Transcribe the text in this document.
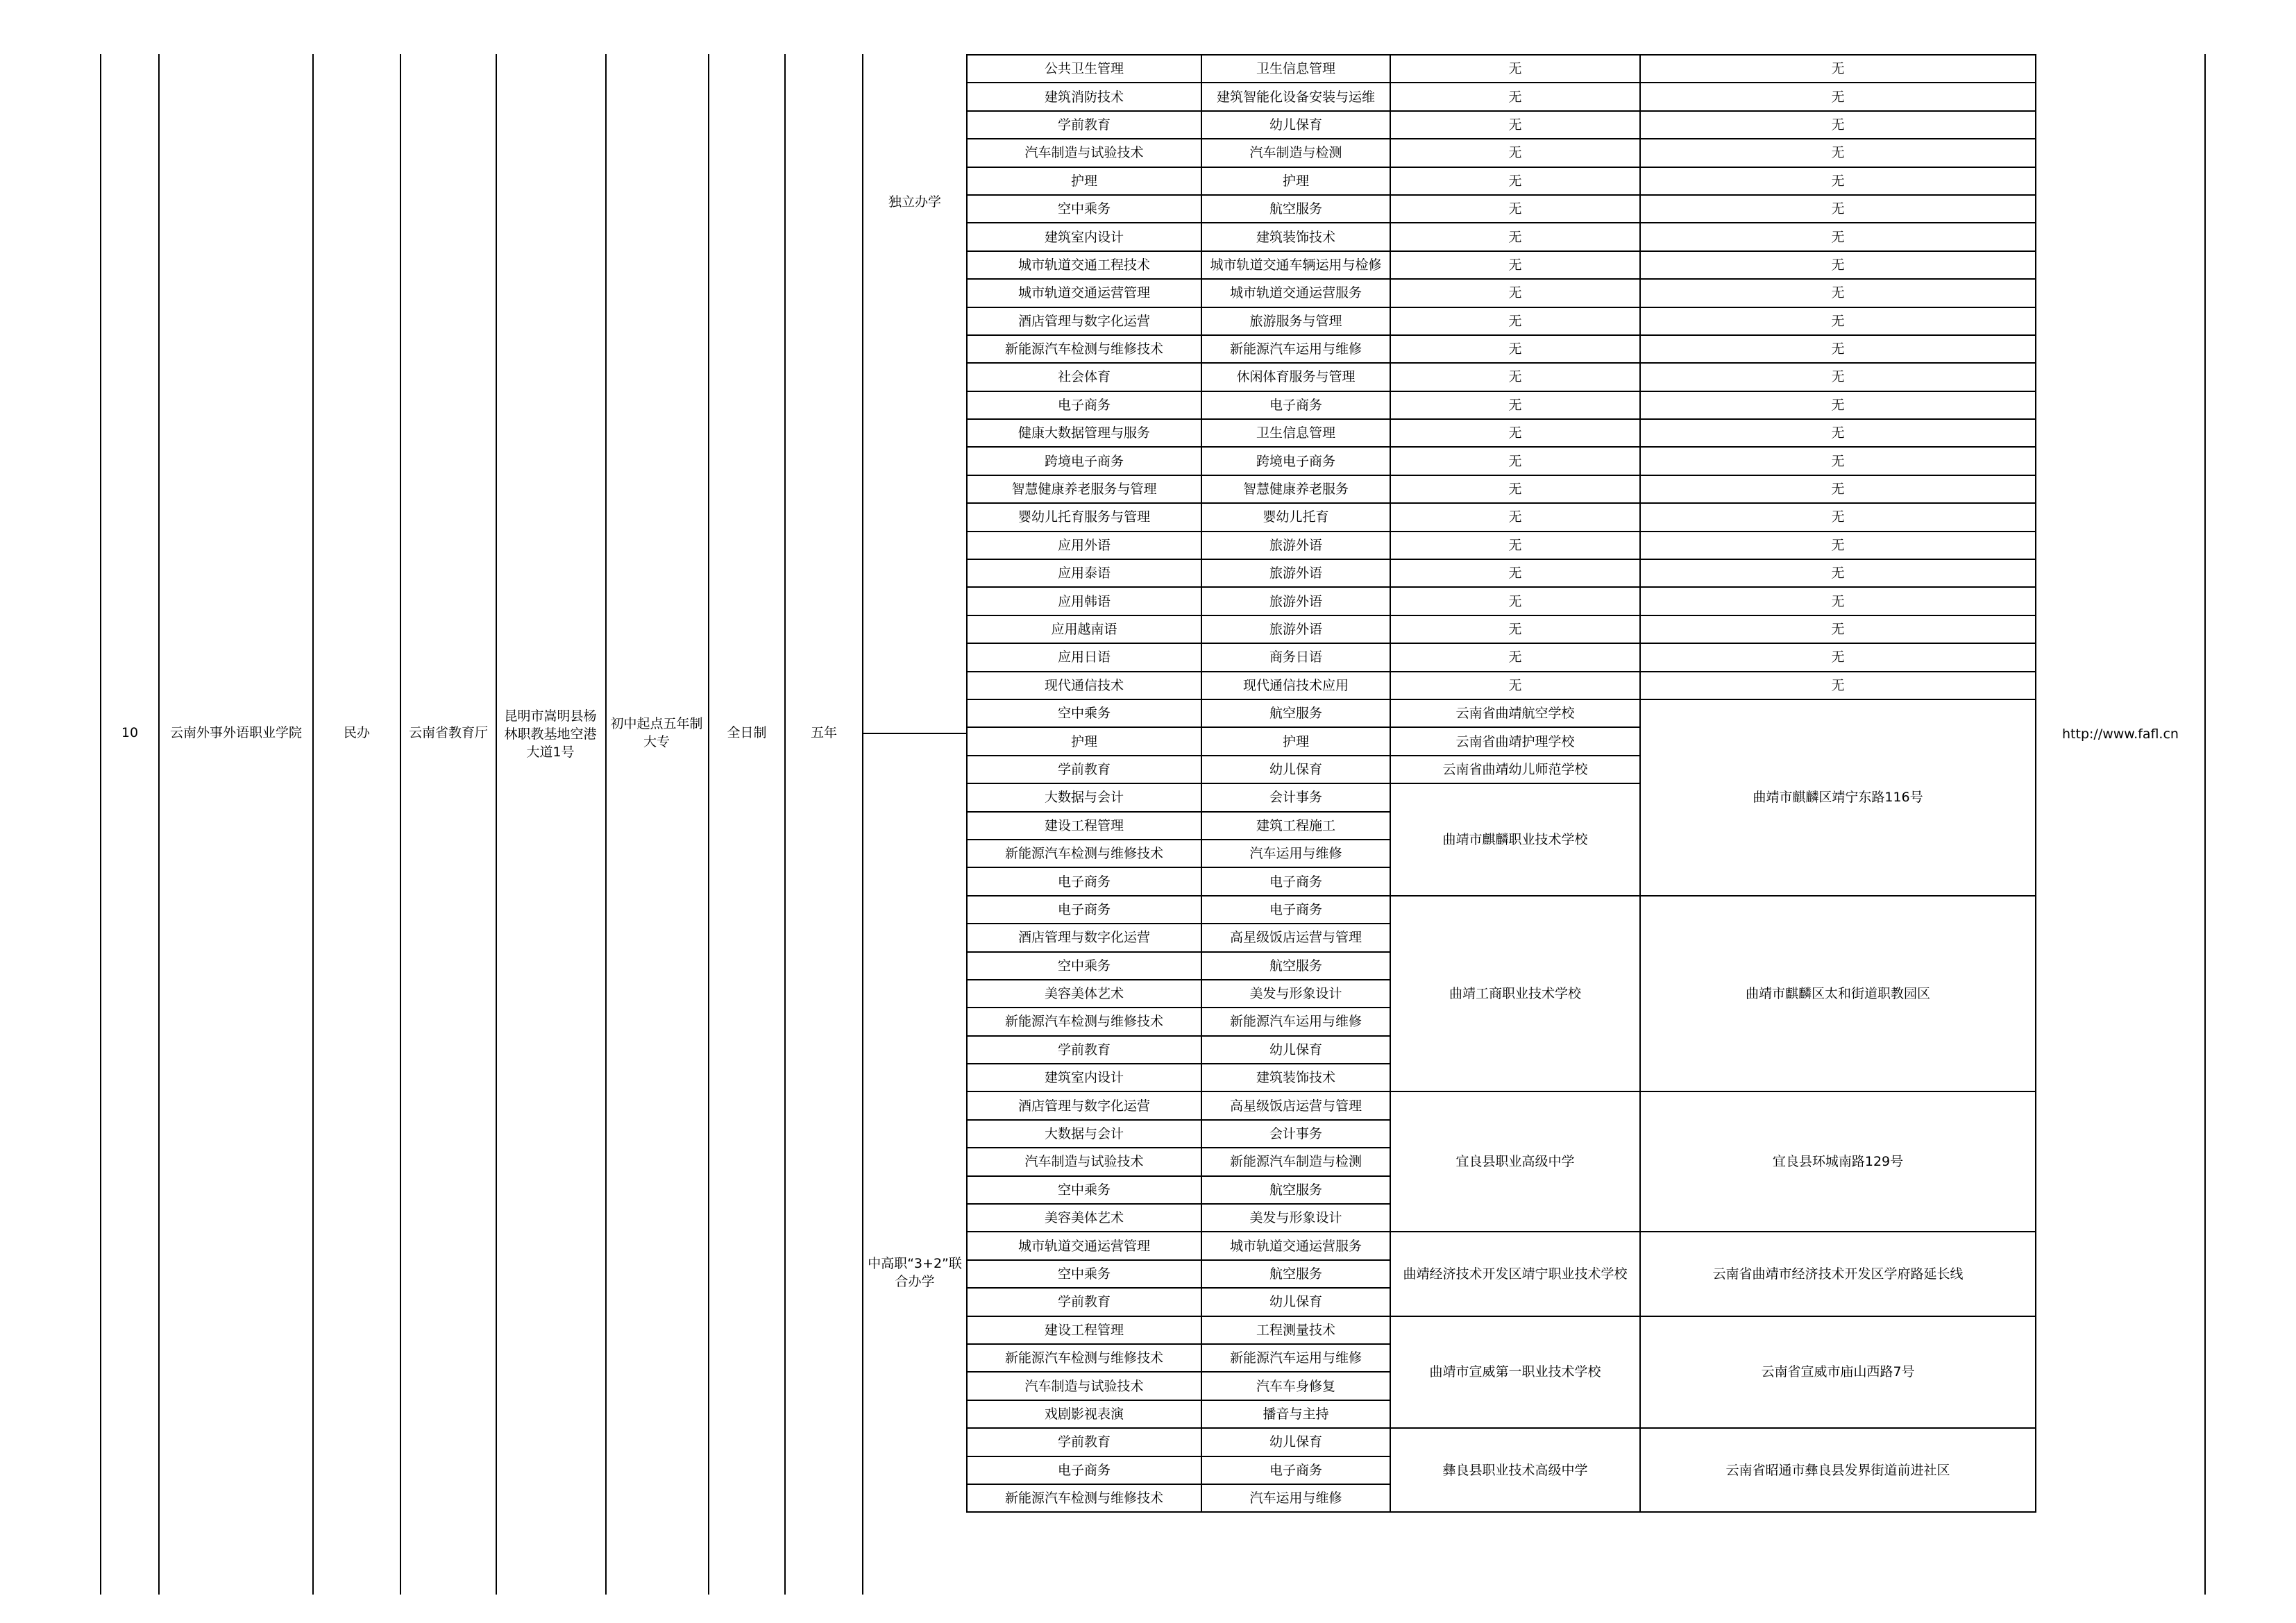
10	云南外事外语职业学院	民办	云南省教育厅
昆明市嵩明县杨林职教基地空港大道1号
初中起点五年制大专
全日制	五年	http://www.fafl.cn
独立办学
中高职“3+2”联合办学
公共卫生管理	卫生信息管理	无	无
建筑消防技术	建筑智能化设备安装与运维	无	无
学前教育	幼儿保育	无	无
汽车制造与试验技术	汽车制造与检测	无	无
护理	护理	无	无
空中乘务	航空服务	无	无
建筑室内设计	建筑装饰技术	无	无
城市轨道交通工程技术	城市轨道交通车辆运用与检修	无	无
城市轨道交通运营管理	城市轨道交通运营服务	无	无
酒店管理与数字化运营	旅游服务与管理	无	无
新能源汽车检测与维修技术	新能源汽车运用与维修	无	无
社会体育	休闲体育服务与管理	无	无
电子商务	电子商务	无	无
健康大数据管理与服务	卫生信息管理	无	无
跨境电子商务	跨境电子商务	无	无
智慧健康养老服务与管理	智慧健康养老服务	无	无
婴幼儿托育服务与管理	婴幼儿托育	无	无
应用外语	旅游外语	无	无
应用泰语	旅游外语	无	无
应用韩语	旅游外语	无	无
应用越南语	旅游外语	无	无
应用日语	商务日语	无	无
现代通信技术	现代通信技术应用	无	无
空中乘务	航空服务	云南省曲靖航空学校	曲靖市麒麟区靖宁东路116号
护理	护理	云南省曲靖护理学校	
学前教育	幼儿保育	云南省曲靖幼儿师范学校	
大数据与会计	会计事务	曲靖市麒麟职业技术学校	
建设工程管理	建筑工程施工		
新能源汽车检测与维修技术	汽车运用与维修		
电子商务	电子商务		
电子商务	电子商务	曲靖工商职业技术学校	曲靖市麒麟区太和街道职教园区
酒店管理与数字化运营	高星级饭店运营与管理		
空中乘务	航空服务		
美容美体艺术	美发与形象设计		
新能源汽车检测与维修技术	新能源汽车运用与维修		
学前教育	幼儿保育		
建筑室内设计	建筑装饰技术		
酒店管理与数字化运营	高星级饭店运营与管理	宜良县职业高级中学	宜良县环城南路129号
大数据与会计	会计事务		
汽车制造与试验技术	新能源汽车制造与检测		
空中乘务	航空服务		
美容美体艺术	美发与形象设计		
城市轨道交通运营管理	城市轨道交通运营服务	曲靖经济技术开发区靖宁职业技术学校	云南省曲靖市经济技术开发区学府路延长线
空中乘务	航空服务		
学前教育	幼儿保育		
建设工程管理	工程测量技术	曲靖市宣威第一职业技术学校	云南省宣威市庙山西路7号
新能源汽车检测与维修技术	新能源汽车运用与维修		
汽车制造与试验技术	汽车车身修复		
戏剧影视表演	播音与主持		
学前教育	幼儿保育	彝良县职业技术高级中学	云南省昭通市彝良县发界街道前进社区
电子商务	电子商务		
新能源汽车检测与维修技术	汽车运用与维修		
